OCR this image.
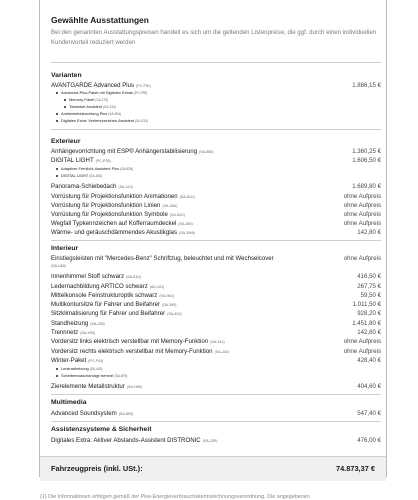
Gewählte Ausstattungen

Bei den genannten Ausstattungspreisen handelt es sich um die geltenden Listenpreise, die ggf. durch einen individuellen Kundenvorteil reduziert werden

Varianten
AVANTGARDE Advanced Plus (PC-P51)	1.886,15 €
Advanced-Plus-Paket mit Digitalen Extras(PC-P59)
Memory-Paket(SA-275)
Totwinkel-Assistent(SA-234)
Ambientebeleuchtung Plus(SA-894)
Digitales Extra: Verkehrszeichen-Assistent(SA-513)
Exterieur
Anhängevorrichtung mit ESP® Anhängerstabilisierung (SA-550)	1.360,25 €
DIGITAL LIGHT (PC-P35)	1.606,50 €
Adaptiver Fernlicht-Assistent Plus(SA-628)
DIGITAL LIGHT(SA-308)
Panorama-Schiebedach (SA-413)	1.689,80 €
Vorrüstung für Projektionsfunktion Animationen (SA-61U)	ohne Aufpreis
Vorrüstung für Projektionsfunktion Linien (SA-36U)	ohne Aufpreis
Vorrüstung für Projektionsfunktion Symbole (SA-62U)	ohne Aufpreis
Wegfall Typkennzeichen auf Kofferraumdeckel (SA-260)	ohne Aufpreis
Wärme- und geräuschdämmendes Akustikglas (SA-3W6)	142,80 €
Interieur
Einstiegsleisten mit "Mercedes-Benz" Schriftzug, beleuchtet und mit Wechselcover	ohne Aufpreis
(SA-U80)
Innenhimmel Stoff schwarz (SA-51U)	416,50 €
Ledernachbildung ARTICO schwarz (AU-101)	267,75 €
Mittelkonsole Feinstrukturoptik schwarz (SA-H61)	59,50 €
Multikontursitze für Fahrer und Beifahrer (SA-399)	1.011,50 €
Sitzklimatisierung für Fahrer und Beifahrer (SA-401)	928,20 €
Standheizung (SA-228)	1.451,80 €
Trennnetz (SA-X09)	142,80 €
Vordersitz links elektrisch verstellbar mit Memory-Funktion (SA-241)	ohne Aufpreis
Vordersitz rechts elektrisch verstellbar mit Memory-Funktion (SA-242)	ohne Aufpreis
Winter-Paket (PC-P44)	428,40 €
Lenkradheizung(SA-443)
Scheibenwaschanlage beheizt(SA-875)
Zierelemente Metallstruktur (SA-H69)	404,60 €
Multimedia
Advanced Soundsystem (SA-853)	547,40 €
Assistenzsysteme & Sicherheit
Digitales Extra: Aktiver Abstands-Assistent DISTRONIC (SA-23P)	476,00 €
Fahrzeugpreis (inkl. USt.):	74.873,37 €
(1) Die Informationen erfolgen gemäß der Pkw-Energieverbrauchskennzeichnungsverordnung. Die angegebenen
